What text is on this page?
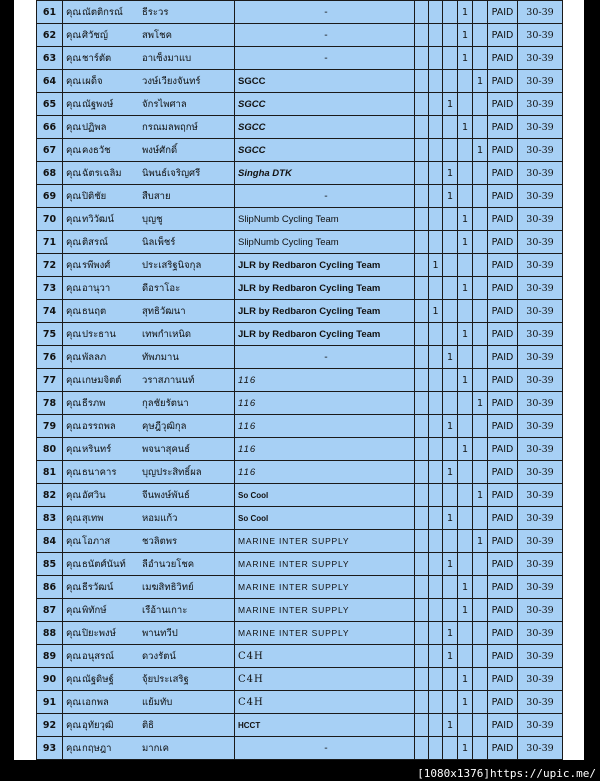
61	คุณณัตติกรณ์ ธีระวร	-				1		PAID	30-39
62	คุณศิวัชญ์ สพโชค	-				1		PAID	30-39
63	คุณชาร์ตัต อาเซ็งมาแบ	-				1		PAID	30-39
64	คุณเผด็จ วงษ์เวียงจันทร์	SGCC					1	PAID	30-39
65	คุณณัฐพงษ์ จักรไพศาล	SGCC			1			PAID	30-39
66	คุณปฏิพล กรณมลพฤกษ์	SGCC				1		PAID	30-39
67	คุณคงธวัช พงษ์ศักดิ์	SGCC					1	PAID	30-39
68	คุณฉัตรเฉลิม นิพนธ์เจริญศรี	Singha DTK			1			PAID	30-39
69	คุณปิติชัย สืบสาย	-			1			PAID	30-39
70	คุณทวิวัฒน์ บุญชู	SlipNumb Cycling Team				1		PAID	30-39
71	คุณติสรณ์ นิลเพ็ชร์	SlipNumb Cycling Team				1		PAID	30-39
72	คุณรพีพงศ์ ประเสริฐนิจกุล	JLR by Redbaron Cycling Team		1				PAID	30-39
73	คุณอานุวา ดีอราโอะ	JLR by Redbaron Cycling Team				1		PAID	30-39
74	คุณธนฤต สุทธิวัฒนา	JLR by Redbaron Cycling Team		1				PAID	30-39
75	คุณประธาน เทพกำเหนิด	JLR by Redbaron Cycling Team				1		PAID	30-39
76	คุณพัลลภ ทัพภมาน	-			1			PAID	30-39
77	คุณเกษมจิตต์ วราสภานนท์	116				1		PAID	30-39
78	คุณธีรภพ กุลชัยรัตนา	116					1	PAID	30-39
79	คุณอรรถพล คุษฎีวุฒิกุล	116			1			PAID	30-39
80	คุณหรินทร์ พจนาสุคนธ์	116				1		PAID	30-39
81	คุณธนาคาร บุญประสิทธิ์ผล	116			1			PAID	30-39
82	คุณอัศวิน จีนพงษ์พันธ์	So Cool					1	PAID	30-39
83	คุณสุเทพ หอมแก้ว	So Cool			1			PAID	30-39
84	คุณโอภาส ชวลิตพร	MARINE INTER SUPPLY					1	PAID	30-39
85	คุณธนัตศ์นันท์ ลีอำนวยโชค	MARINE INTER SUPPLY			1			PAID	30-39
86	คุณธีรวัฒน์ เมฆสิทธิวิทย์	MARINE INTER SUPPLY				1		PAID	30-39
87	คุณพิทักษ์ เรือ้านเกาะ	MARINE INTER SUPPLY				1		PAID	30-39
88	คุณปิยะพงษ์ พานทวีป	MARINE INTER SUPPLY			1			PAID	30-39
89	คุณอนุสรณ์ ดวงรัตน์	C4H			1			PAID	30-39
90	คุณณัฐดิษฐ์ จุ้ยประเสริฐ	C4H				1		PAID	30-39
91	คุณเอกพล แย้มทับ	C4H				1		PAID	30-39
92	คุณอุทัยวุฒิ ติธิ	HCCT			1			PAID	30-39
93	คุณกฤษฎา มากเค	-				1		PAID	30-39
[1080x1376]https://upic.me/
